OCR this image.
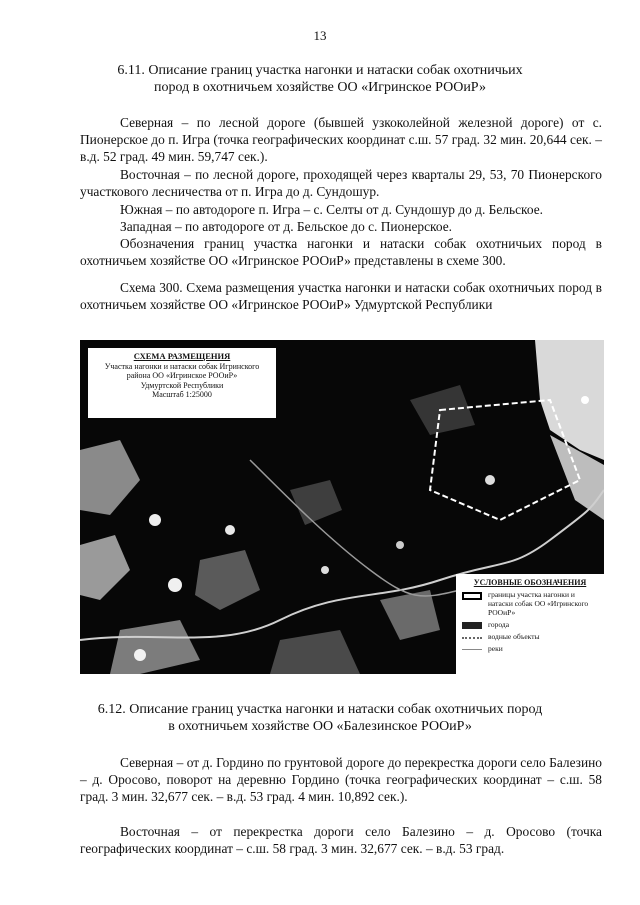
13
6.11. Описание границ участка нагонки и натаски собак охотничьих
пород в охотничьем хозяйстве ОО «Игринское РООиР»
Северная – по лесной дороге (бывшей узкоколейной железной дороге) от с. Пионерское до п. Игра (точка географических координат с.ш. 57 град. 32 мин. 20,644 сек. – в.д. 52 град. 49 мин. 59,747 сек.).
Восточная – по лесной дороге, проходящей через кварталы 29, 53, 70 Пионерского участкового лесничества от п. Игра до д. Сундошур.
Южная – по автодороге п. Игра – с. Селты от д. Сундошур до д. Бельское.
Западная – по автодороге от д. Бельское до с. Пионерское.
Обозначения границ участка нагонки и натаски собак охотничьих пород в охотничьем хозяйстве ОО «Игринское РООиР» представлены в схеме 300.
Схема 300. Схема размещения участка нагонки и натаски собак охотничьих пород в охотничьем хозяйстве ОО «Игринское РООиР» Удмуртской Республики
СХЕМА РАЗМЕЩЕНИЯ
Участка нагонки и натаски собак Игринского
района ОО «Игринское РООиР»
Удмуртской Республики
Масштаб 1:25000
УСЛОВНЫЕ ОБОЗНАЧЕНИЯ
границы участка нагонки и натаски собак ОО «Игринского РООиР»
города
водные объекты
реки
6.12. Описание границ участка нагонки и натаски собак охотничьих пород
в охотничьем хозяйстве ОО «Балезинское РООиР»
Северная – от д. Гордино по грунтовой дороге до перекрестка дороги село Балезино – д. Оросово, поворот на деревню Гордино (точка географических координат – с.ш. 58 град. 3 мин. 32,677 сек. – в.д. 53 град. 4 мин. 10,892 сек.).
Восточная – от перекрестка дороги село Балезино – д. Оросово (точка географических координат – с.ш. 58 град. 3 мин. 32,677 сек. – в.д. 53 град.
